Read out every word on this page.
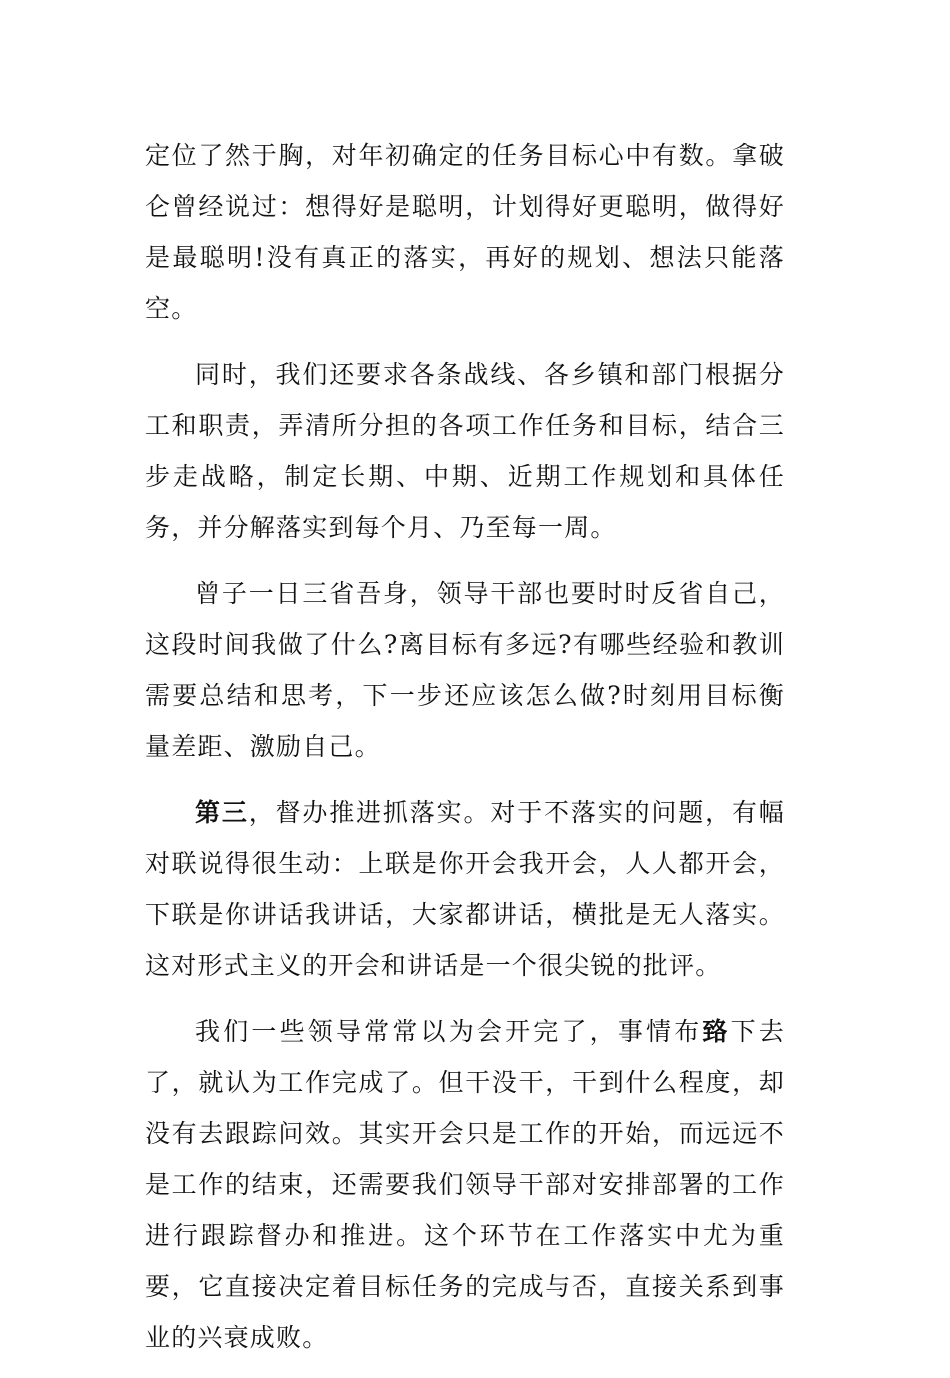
定位了然于胸，对年初确定的任务目标心中有数。拿破仑曾经说过：想得好是聪明，计划得好更聪明，做得好是最聪明!没有真正的落实，再好的规划、想法只能落空。

同时，我们还要求各条战线、各乡镇和部门根据分工和职责，弄清所分担的各项工作任务和目标，结合三步走战略，制定长期、中期、近期工作规划和具体任务，并分解落实到每个月、乃至每一周。

曾子一日三省吾身，领导干部也要时时反省自己，这段时间我做了什么?离目标有多远?有哪些经验和教训需要总结和思考，下一步还应该怎么做?时刻用目标衡量差距、激励自己。

第三，督办推进抓落实。对于不落实的问题，有幅对联说得很生动：上联是你开会我开会，人人都开会，下联是你讲话我讲话，大家都讲话，横批是无人落实。这对形式主义的开会和讲话是一个很尖锐的批评。

我们一些领导常常以为会开完了，事情布臵下去了，就认为工作完成了。但干没干，干到什么程度，却没有去跟踪问效。其实开会只是工作的开始，而远远不是工作的结束，还需要我们领导干部对安排部署的工作进行跟踪督办和推进。这个环节在工作落实中尤为重要，它直接决定着目标任务的完成与否，直接关系到事业的兴衰成败。
